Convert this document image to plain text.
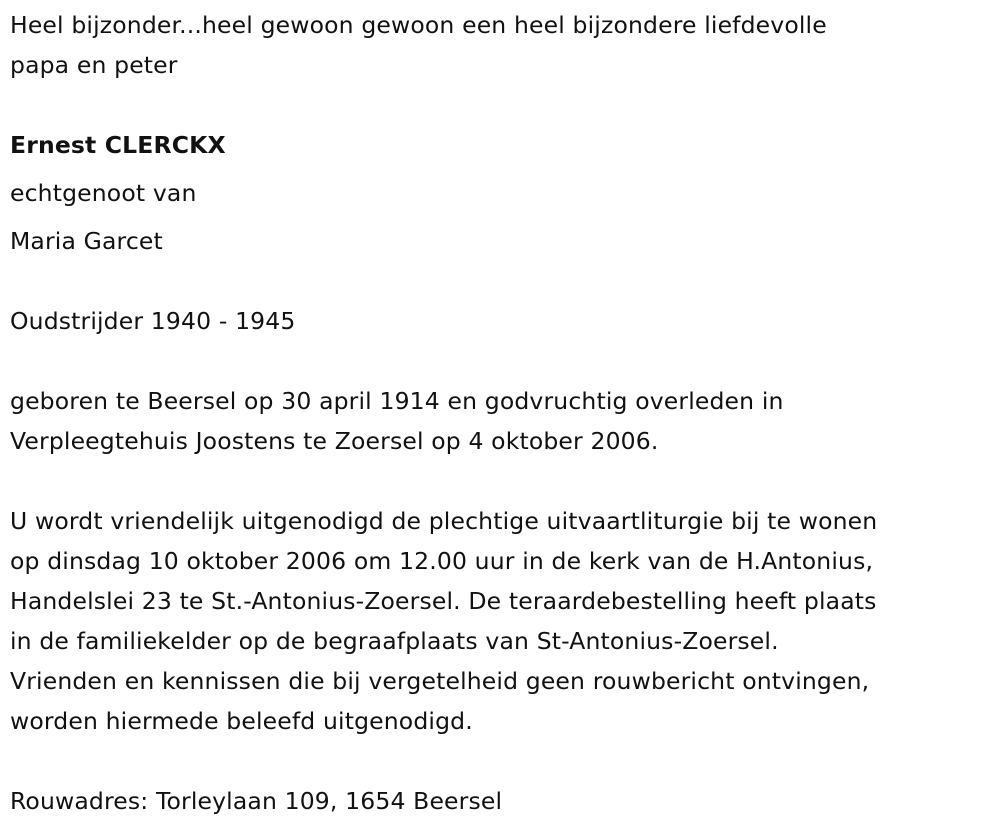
Heel bijzonder...heel gewoon gewoon een heel bijzondere liefdevolle
papa en peter
Ernest CLERCKX
echtgenoot van
Maria Garcet
Oudstrijder 1940 - 1945
geboren te Beersel op 30 april 1914 en godvruchtig overleden in
Verpleegtehuis Joostens te Zoersel op 4 oktober 2006.
U wordt vriendelijk uitgenodigd de plechtige uitvaartliturgie bij te wonen
op dinsdag 10 oktober 2006 om 12.00 uur in de kerk van de H.Antonius,
Handelslei 23 te St.-Antonius-Zoersel. De teraardebestelling heeft plaats
in de familiekelder op de begraafplaats van St-Antonius-Zoersel.
Vrienden en kennissen die bij vergetelheid geen rouwbericht ontvingen,
worden hiermede beleefd uitgenodigd.
Rouwadres: Torleylaan 109, 1654 Beersel
